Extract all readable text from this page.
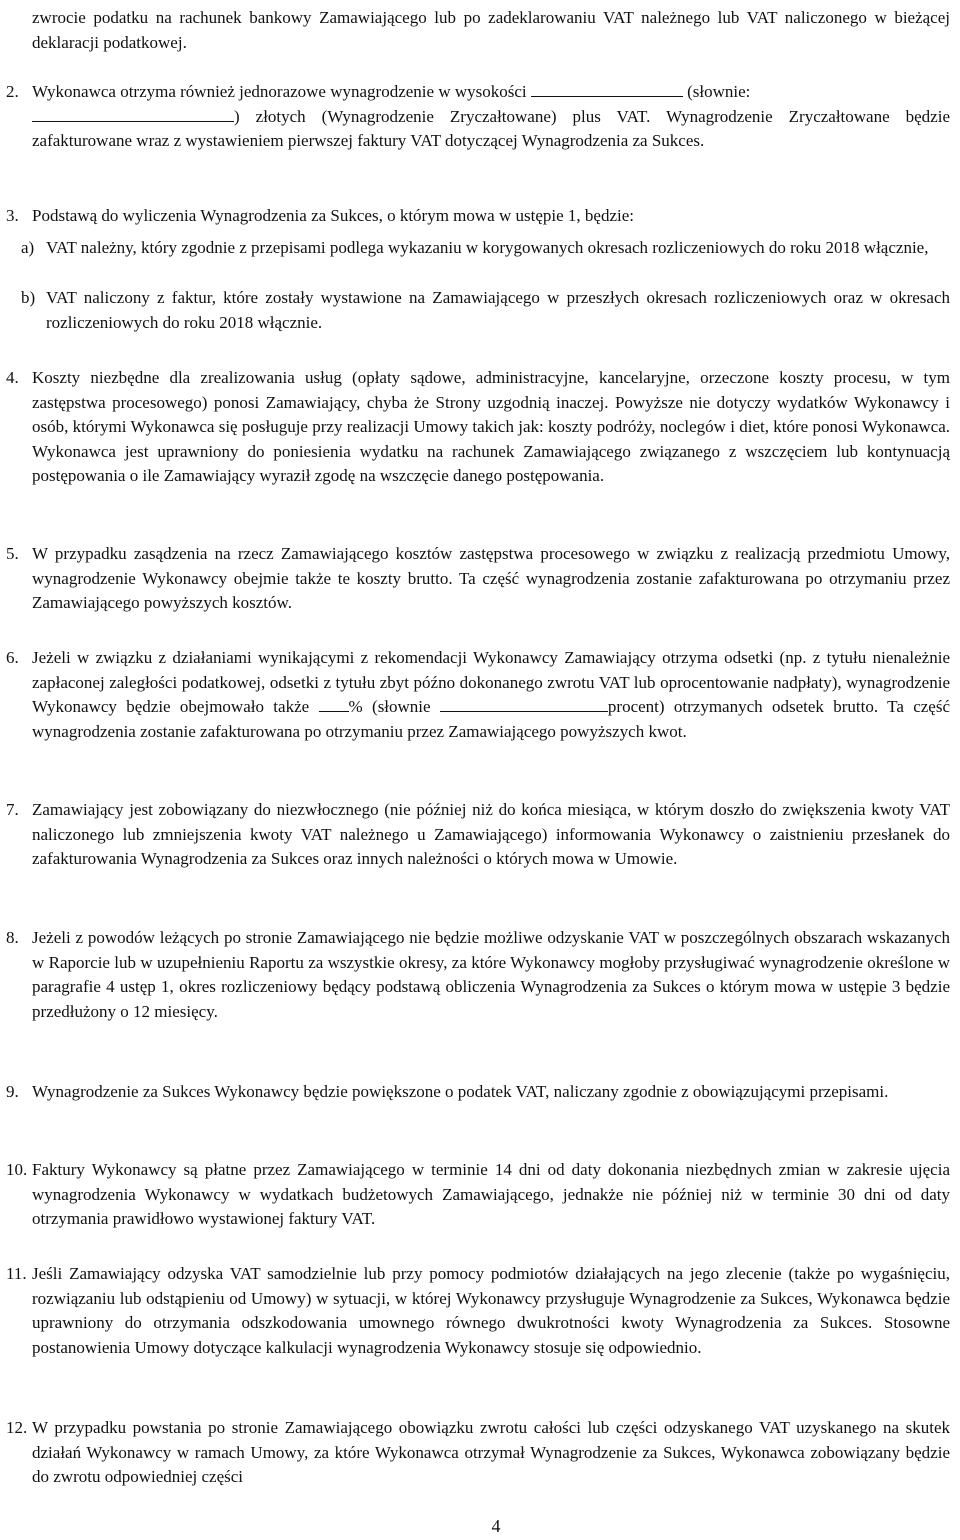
zwrocie podatku na rachunek bankowy Zamawiającego lub po zadeklarowaniu VAT należnego lub VAT naliczonego w bieżącej deklaracji podatkowej.
2. Wykonawca otrzyma również jednorazowe wynagrodzenie w wysokości	(słownie:
) złotych (Wynagrodzenie Zryczałtowane) plus VAT. Wynagrodzenie Zryczałtowane będzie zafakturowane wraz z wystawieniem pierwszej faktury VAT dotyczącej Wynagrodzenia za Sukces.
3. Podstawą do wyliczenia Wynagrodzenia za Sukces, o którym mowa w ustępie 1, będzie:
a) VAT należny, który zgodnie z przepisami podlega wykazaniu w korygowanych okresach rozliczeniowych do roku 2018 włącznie,
b) VAT naliczony z faktur, które zostały wystawione na Zamawiającego w przeszłych okresach rozliczeniowych oraz w okresach rozliczeniowych do roku 2018 włącznie.
4. Koszty niezbędne dla zrealizowania usług (opłaty sądowe, administracyjne, kancelaryjne, orzeczone koszty procesu, w tym zastępstwa procesowego) ponosi Zamawiający, chyba że Strony uzgodnią inaczej. Powyższe nie dotyczy wydatków Wykonawcy i osób, którymi Wykonawca się posługuje przy realizacji Umowy takich jak: koszty podróży, noclegów i diet, które ponosi Wykonawca. Wykonawca jest uprawniony do poniesienia wydatku na rachunek Zamawiającego związanego z wszczęciem lub kontynuacją postępowania o ile Zamawiający wyraził zgodę na wszczęcie danego postępowania.
5. W przypadku zasądzenia na rzecz Zamawiającego kosztów zastępstwa procesowego w związku z realizacją przedmiotu Umowy, wynagrodzenie Wykonawcy obejmie także te koszty brutto. Ta część wynagrodzenia zostanie zafakturowana po otrzymaniu przez Zamawiającego powyższych kosztów.
6. Jeżeli w związku z działaniami wynikającymi z rekomendacji Wykonawcy Zamawiający otrzyma odsetki (np. z tytułu nienależnie zapłaconej zaległości podatkowej, odsetki z tytułu zbyt późno dokonanego zwrotu VAT lub oprocentowanie nadpłaty), wynagrodzenie Wykonawcy będzie obejmowało także % (słownie	procent) otrzymanych odsetek brutto. Ta część wynagrodzenia zostanie zafakturowana po otrzymaniu przez Zamawiającego powyższych kwot.
7. Zamawiający jest zobowiązany do niezwłocznego (nie później niż do końca miesiąca, w którym doszło do zwiększenia kwoty VAT naliczonego lub zmniejszenia kwoty VAT należnego u Zamawiającego) informowania Wykonawcy o zaistnieniu przesłanek do zafakturowania Wynagrodzenia za Sukces oraz innych należności o których mowa w Umowie.
8. Jeżeli z powodów leżących po stronie Zamawiającego nie będzie możliwe odzyskanie VAT w poszczególnych obszarach wskazanych w Raporcie lub w uzupełnieniu Raportu za wszystkie okresy, za które Wykonawcy mogłoby przysługiwać wynagrodzenie określone w paragrafie 4 ustęp 1, okres rozliczeniowy będący podstawą obliczenia Wynagrodzenia za Sukces o którym mowa w ustępie 3 będzie przedłużony o 12 miesięcy.
9. Wynagrodzenie za Sukces Wykonawcy będzie powiększone o podatek VAT, naliczany zgodnie z obowiązującymi przepisami.
10. Faktury Wykonawcy są płatne przez Zamawiającego w terminie 14 dni od daty dokonania niezbędnych zmian w zakresie ujęcia wynagrodzenia Wykonawcy w wydatkach budżetowych Zamawiającego, jednakże nie później niż w terminie 30 dni od daty otrzymania prawidłowo wystawionej faktury VAT.
11. Jeśli Zamawiający odzyska VAT samodzielnie lub przy pomocy podmiotów działających na jego zlecenie (także po wygaśnięciu, rozwiązaniu lub odstąpieniu od Umowy) w sytuacji, w której Wykonawcy przysługuje Wynagrodzenie za Sukces, Wykonawca będzie uprawniony do otrzymania odszkodowania umownego równego dwukrotności kwoty Wynagrodzenia za Sukces. Stosowne postanowienia Umowy dotyczące kalkulacji wynagrodzenia Wykonawcy stosuje się odpowiednio.
12. W przypadku powstania po stronie Zamawiającego obowiązku zwrotu całości lub części odzyskanego VAT uzyskanego na skutek działań Wykonawcy w ramach Umowy, za które Wykonawca otrzymał Wynagrodzenie za Sukces, Wykonawca zobowiązany będzie do zwrotu odpowiedniej części
4
